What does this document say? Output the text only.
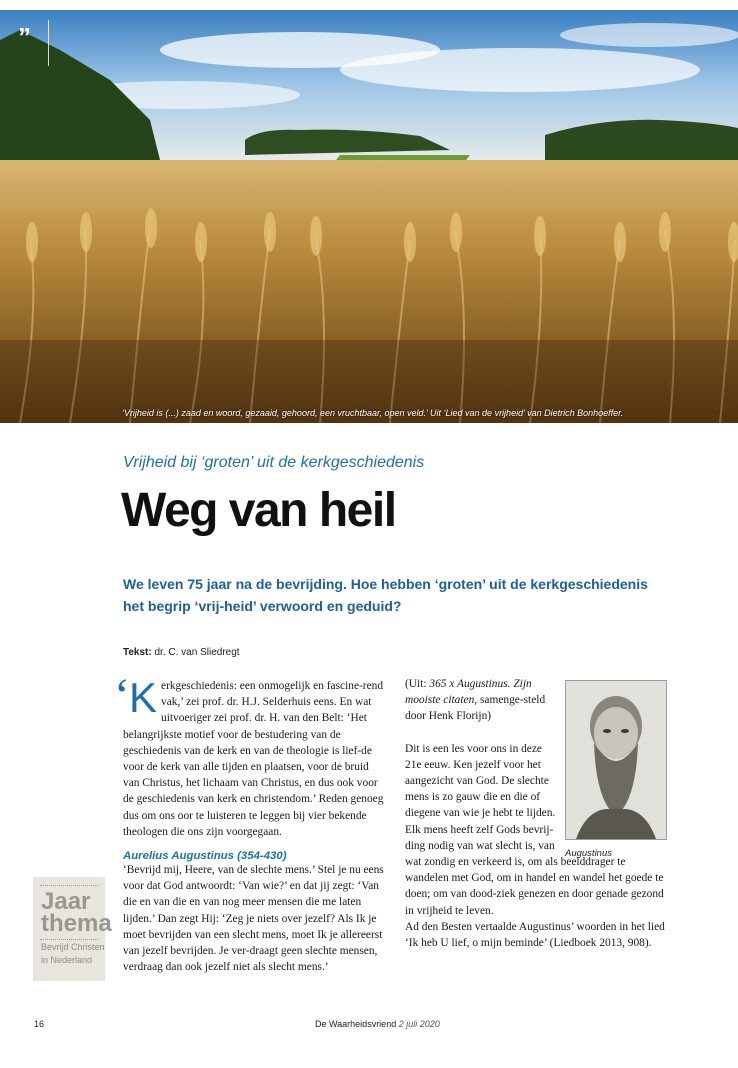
”
‘Vrijheid is (...) zaad en woord, gezaaid, gehoord, een vruchtbaar, open veld.’ Uit ‘Lied van de vrijheid’ van Dietrich Bonhoeffer.
Vrijheid bij ‘groten’ uit de kerkgeschiedenis
Weg van heil
We leven 75 jaar na de bevrijding. Hoe hebben ‘groten’ uit de kerkgeschiedenis het begrip ‘vrij-heid’ verwoord en geduid?
Tekst: dr. C. van Sliedregt
‘ Kerkgeschiedenis: een onmogelijk en fascine-rend vak,’ zei prof. dr. H.J. Selderhuis eens. En wat uitvoeriger zei prof. dr. H. van den Belt: ‘Het belangrijkste motief voor de bestudering van de geschiedenis van de kerk en van de theologie is lief-de voor de kerk van alle tijden en plaatsen, voor de bruid van Christus, het lichaam van Christus, en dus ook voor de geschiedenis van kerk en christendom.’ Reden genoeg dus om ons oor te luisteren te leggen bij vier bekende theologen die ons zijn voorgegaan.

Aurelius Augustinus (354-430)

‘Bevrijd mij, Heere, van de slechte mens.’ Stel je nu eens voor dat God antwoordt: ‘Van wie?’ en dat jij zegt: ‘Van die en van die en van nog meer mensen die me laten lijden.’ Dan zegt Hij: ‘Zeg je niets over jezelf? Als Ik je moet bevrijden van een slecht mens, moet Ik je allereerst van jezelf bevrijden. Je ver-draagt geen slechte mensen, verdraag dan ook jezelf niet als slecht mens.’

Augustinus

(Uit: 365 x Augustinus. Zijn mooiste citaten, samenge-steld door Henk Florijn)

Dit is een les voor ons in deze 21e eeuw. Ken jezelf voor het aangezicht van God. De slechte mens is zo gauw die en die of diegene van wie je hebt te lijden. Elk mens heeft zelf Gods bevrij-ding nodig van wat slecht is, van wat zondig en verkeerd is, om als beelddrager te wandelen met God, om in handel en wandel het goede te doen; om van dood-ziek genezen en door genade gezond in vrijheid te leven.

Ad den Besten vertaalde Augustinus’ woorden in het lied ‘Ik heb U lief, o mijn beminde’ (Liedboek 2013, 908).

Jaar
thema
Bevrijd Christen
in Nederland
16	De Waarheidsvriend 2 juli 2020
